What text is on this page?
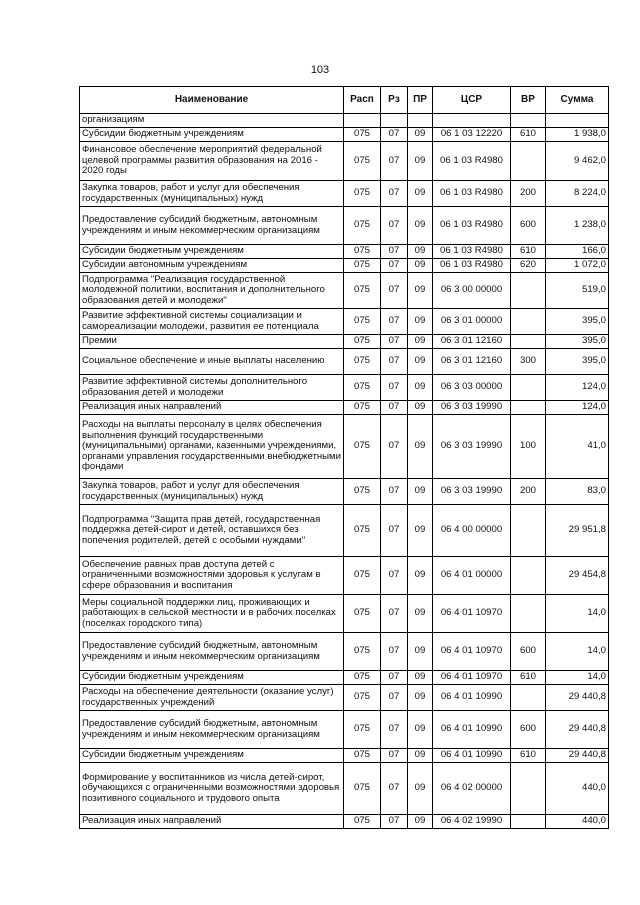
103
Наименование	Расп	Рз	ПР	ЦСР	ВР	Сумма
организациям						
Субсидии бюджетным учреждениям	075	07	09	06 1 03 12220	610	1 938,0
Финансовое обеспечение мероприятий федеральной целевой программы развития образования на 2016 - 2020 годы	075	07	09	06 1 03 R4980		9 462,0
Закупка товаров, работ и услуг для обеспечения государственных (муниципальных) нужд	075	07	09	06 1 03 R4980	200	8 224,0
Предоставление субсидий бюджетным, автономным учреждениям и иным некоммерческим организациям	075	07	09	06 1 03 R4980	600	1 238,0
Субсидии бюджетным учреждениям	075	07	09	06 1 03 R4980	610	166,0
Субсидии автономным учреждениям	075	07	09	06 1 03 R4980	620	1 072,0
Подпрограмма "Реализация государственной молодежной политики, воспитания и дополнительного образования детей и молодежи"	075	07	09	06 3 00 00000		519,0
Развитие эффективной системы социализации и самореализации молодежи, развития ее потенциала	075	07	09	06 3 01 00000		395,0
Премии	075	07	09	06 3 01 12160		395,0
Социальное обеспечение и иные выплаты населению	075	07	09	06 3 01 12160	300	395,0
Развитие эффективной системы дополнительного образования детей и молодежи	075	07	09	06 3 03 00000		124,0
Реализация иных направлений	075	07	09	06 3 03 19990		124,0
Расходы на выплаты персоналу в целях обеспечения выполнения функций государственными (муниципальными) органами, казенными учреждениями, органами управления государственными внебюджетными фондами	075	07	09	06 3 03 19990	100	41,0
Закупка товаров, работ и услуг для обеспечения государственных (муниципальных) нужд	075	07	09	06 3 03 19990	200	83,0
Подпрограмма "Защита прав детей, государственная поддержка детей-сирот и детей, оставшихся без попечения родителей, детей с особыми нуждами"	075	07	09	06 4 00 00000		29 951,8
Обеспечение равных прав доступа детей с ограниченными возможностями здоровья к услугам в сфере образования и воспитания	075	07	09	06 4 01 00000		29 454,8
Меры социальной поддержки лиц, проживающих и работающих в сельской местности и в рабочих поселках (поселках городского типа)	075	07	09	06 4 01 10970		14,0
Предоставление субсидий бюджетным, автономным учреждениям и иным некоммерческим организациям	075	07	09	06 4 01 10970	600	14,0
Субсидии бюджетным учреждениям	075	07	09	06 4 01 10970	610	14,0
Расходы на обеспечение деятельности (оказание услуг) государственных учреждений	075	07	09	06 4 01 10990		29 440,8
Предоставление субсидий бюджетным, автономным учреждениям и иным некоммерческим организациям	075	07	09	06 4 01 10990	600	29 440,8
Субсидии бюджетным учреждениям	075	07	09	06 4 01 10990	610	29 440,8
Формирование у воспитанников из числа детей-сирот, обучающихся с ограниченными возможностями здоровья позитивного социального и трудового опыта	075	07	09	06 4 02 00000		440,0
Реализация иных направлений	075	07	09	06 4 02 19990		440,0
